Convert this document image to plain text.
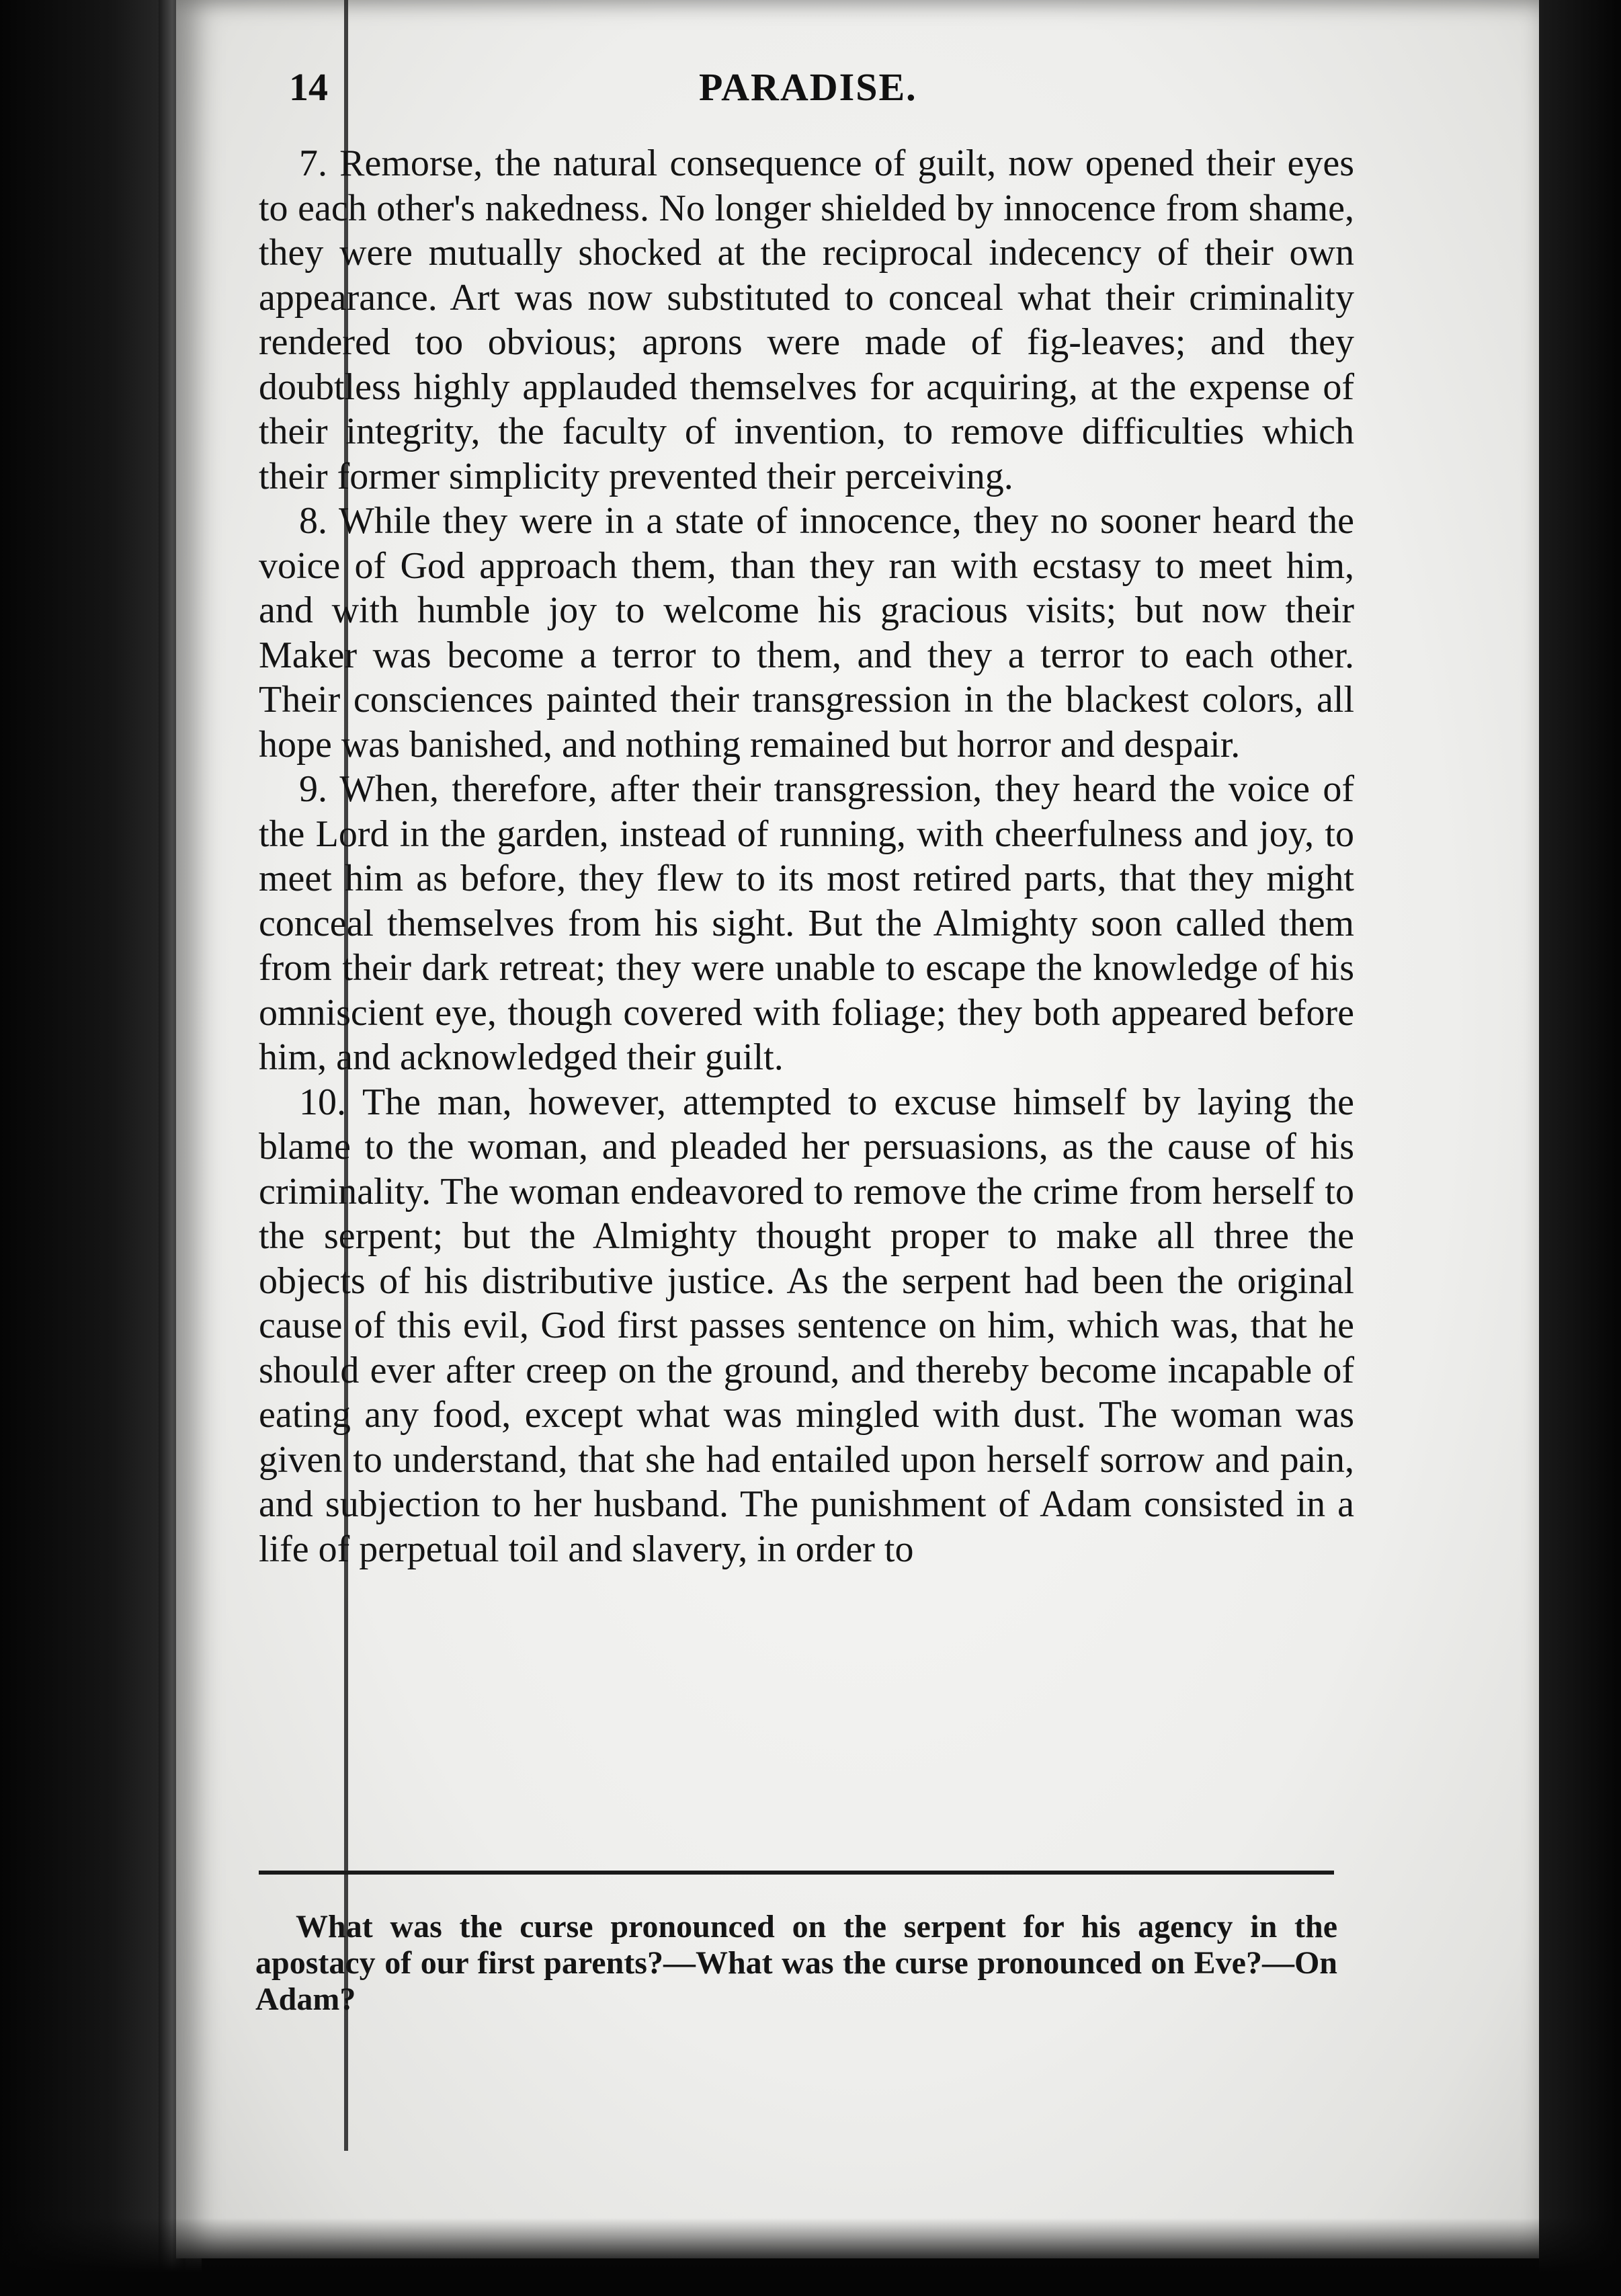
14	PARADISE.

7. Remorse, the natural consequence of guilt, now opened their eyes to each other's nakedness. No longer shielded by innocence from shame, they were mutually shocked at the reciprocal indecency of their own appearance. Art was now substituted to conceal what their criminality rendered too obvious; aprons were made of fig-leaves; and they doubtless highly applauded themselves for acquiring, at the expense of their integrity, the faculty of invention, to remove difficulties which their former simplicity prevented their perceiving.

8. While they were in a state of innocence, they no sooner heard the voice of God approach them, than they ran with ecstasy to meet him, and with humble joy to welcome his gracious visits; but now their Maker was become a terror to them, and they a terror to each other. Their consciences painted their transgression in the blackest colors, all hope was banished, and nothing remained but horror and despair.

9. When, therefore, after their transgression, they heard the voice of the Lord in the garden, instead of running, with cheerfulness and joy, to meet him as before, they flew to its most retired parts, that they might conceal themselves from his sight. But the Almighty soon called them from their dark retreat; they were unable to escape the knowledge of his omniscient eye, though covered with foliage; they both appeared before him, and acknowledged their guilt.

10. The man, however, attempted to excuse himself by laying the blame to the woman, and pleaded her persuasions, as the cause of his criminality. The woman endeavored to remove the crime from herself to the serpent; but the Almighty thought proper to make all three the objects of his distributive justice. As the serpent had been the original cause of this evil, God first passes sentence on him, which was, that he should ever after creep on the ground, and thereby become incapable of eating any food, except what was mingled with dust. The woman was given to understand, that she had entailed upon herself sorrow and pain, and subjection to her husband. The punishment of Adam consisted in a life of perpetual toil and slavery, in order to

What was the curse pronounced on the serpent for his agency in the apostacy of our first parents?—What was the curse pronounced on Eve?—On Adam?
